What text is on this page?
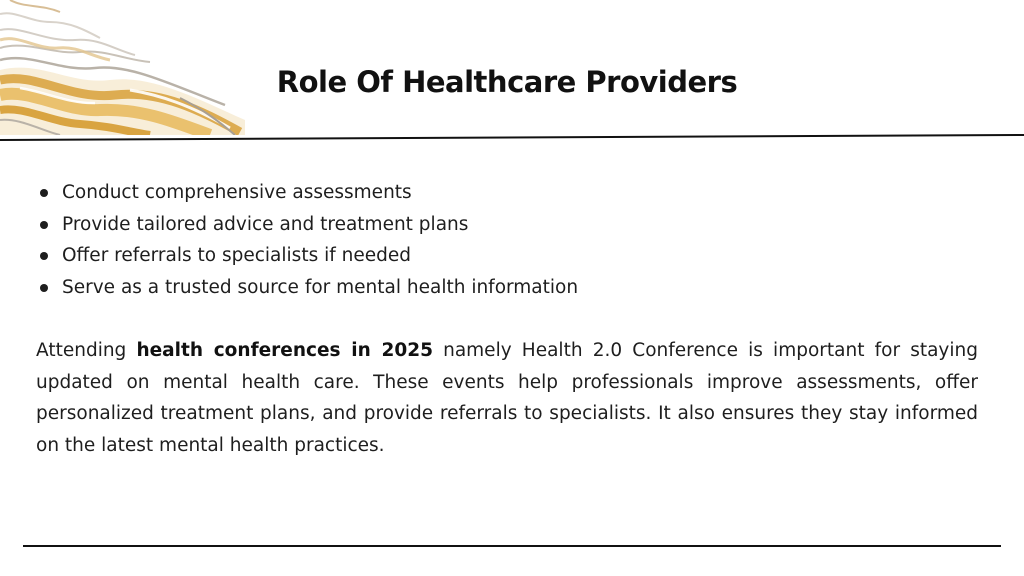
Role Of Healthcare Providers
Conduct comprehensive assessments
Provide tailored advice and treatment plans
Offer referrals to specialists if needed
Serve as a trusted source for mental health information

Attending health conferences in 2025 namely Health 2.0 Conference is important for staying updated on mental health care. These events help professionals improve assessments, offer personalized treatment plans, and provide referrals to specialists. It also ensures they stay informed on the latest mental health practices.
